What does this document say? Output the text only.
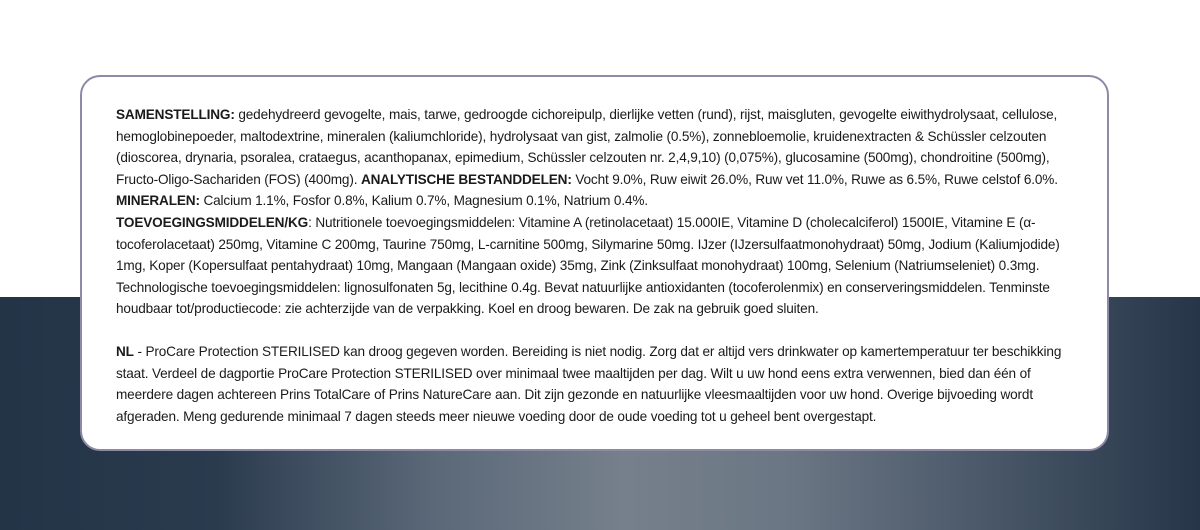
SAMENSTELLING: gedehydreerd gevogelte, mais, tarwe, gedroogde cichoreipulp, dierlijke vetten (rund), rijst, maisgluten, gevogelte eiwithydrolysaat, cellulose, hemoglobinepoeder, maltodextrine, mineralen (kaliumchloride), hydrolysaat van gist, zalmolie (0.5%), zonnebloemolie, kruidenextracten & Schüssler celzouten (dioscorea, drynaria, psoralea, crataegus, acanthopanax, epimedium, Schüssler celzouten nr. 2,4,9,10) (0,075%), glucosamine (500mg), chondroitine (500mg), Fructo-Oligo-Sachariden (FOS) (400mg). ANALYTISCHE BESTANDDELEN: Vocht 9.0%, Ruw eiwit 26.0%, Ruw vet 11.0%, Ruwe as 6.5%, Ruwe celstof 6.0%. MINERALEN: Calcium 1.1%, Fosfor 0.8%, Kalium 0.7%, Magnesium 0.1%, Natrium 0.4%.
TOEVOEGINGSMIDDELEN/KG: Nutritionele toevoegingsmiddelen: Vitamine A (retinolacetaat) 15.000IE, Vitamine D (cholecalciferol) 1500IE, Vitamine E (α-tocoferolacetaat) 250mg, Vitamine C 200mg, Taurine 750mg, L-carnitine 500mg, Silymarine 50mg. IJzer (IJzersulfaatmonohydraat) 50mg, Jodium (Kaliumjodide) 1mg, Koper (Kopersulfaat pentahydraat) 10mg, Mangaan (Mangaan oxide) 35mg, Zink (Zinksulfaat monohydraat) 100mg, Selenium (Natriumseleniet) 0.3mg. Technologische toevoegingsmiddelen: lignosulfonaten 5g, lecithine 0.4g. Bevat natuurlijke antioxidanten (tocoferolenmix) en conserveringsmiddelen. Tenminste houdbaar tot/productiecode: zie achterzijde van de verpakking. Koel en droog bewaren. De zak na gebruik goed sluiten.

NL - ProCare Protection STERILISED kan droog gegeven worden. Bereiding is niet nodig. Zorg dat er altijd vers drinkwater op kamertemperatuur ter beschikking staat. Verdeel de dagportie ProCare Protection STERILISED over minimaal twee maaltijden per dag. Wilt u uw hond eens extra verwennen, bied dan één of meerdere dagen achtereen Prins TotalCare of Prins NatureCare aan. Dit zijn gezonde en natuurlijke vleesmaaltijden voor uw hond. Overige bijvoeding wordt afgeraden. Meng gedurende minimaal 7 dagen steeds meer nieuwe voeding door de oude voeding tot u geheel bent overgestapt.
